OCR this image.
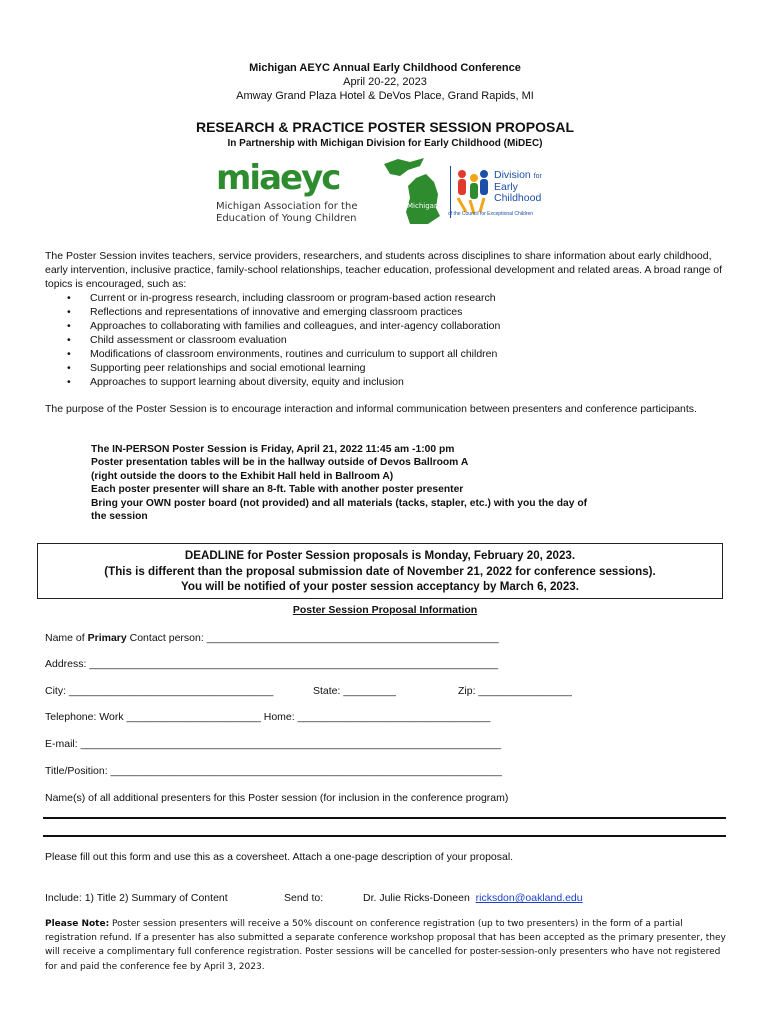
Michigan AEYC Annual Early Childhood Conference
April 20-22, 2023
Amway Grand Plaza Hotel & DeVos Place, Grand Rapids, MI
RESEARCH & PRACTICE POSTER SESSION PROPOSAL
In Partnership with Michigan Division for Early Childhood (MiDEC)
miaeyc
Michigan Association for the
Education of Young Children
Michigan
Division for
Early
Childhood
of the Council for Exceptional Children
The Poster Session invites teachers, service providers, researchers, and students across disciplines to share information about early childhood, early intervention, inclusive practice, family-school relationships, teacher education, professional development and related areas. A broad range of topics is encouraged, such as:
• Current or in-progress research, including classroom or program-based action research
• Reflections and representations of innovative and emerging classroom practices
• Approaches to collaborating with families and colleagues, and inter-agency collaboration
• Child assessment or classroom evaluation
• Modifications of classroom environments, routines and curriculum to support all children
• Supporting peer relationships and social emotional learning
• Approaches to support learning about diversity, equity and inclusion
The purpose of the Poster Session is to encourage interaction and informal communication between presenters and conference participants.
The IN-PERSON Poster Session is Friday, April 21, 2022 11:45 am -1:00 pm
Poster presentation tables will be in the hallway outside of Devos Ballroom A
(right outside the doors to the Exhibit Hall held in Ballroom A)
Each poster presenter will share an 8-ft. Table with another poster presenter
Bring your OWN poster board (not provided) and all materials (tacks, stapler, etc.) with you the day of
the session
DEADLINE for Poster Session proposals is Monday, February 20, 2023.
(This is different than the proposal submission date of November 21, 2022 for conference sessions).
You will be notified of your poster session acceptancy by March 6, 2023.
Poster Session Proposal Information
Name of Primary Contact person: __________________________________________________
Address: ______________________________________________________________________
City: ___________________________________	State: _________	Zip: ________________
Telephone: Work _______________________ Home: _________________________________
E-mail: ________________________________________________________________________
Title/Position: ___________________________________________________________________
Name(s) of all additional presenters for this Poster session (for inclusion in the conference program)
Please fill out this form and use this as a coversheet. Attach a one-page description of your proposal.
Include: 1) Title 2) Summary of Content	Send to:	Dr. Julie Ricks-Doneen ricksdon@oakland.edu
Please Note: Poster session presenters will receive a 50% discount on conference registration (up to two presenters) in the form of a partial registration refund. If a presenter has also submitted a separate conference workshop proposal that has been accepted as the primary presenter, they will receive a complimentary full conference registration. Poster sessions will be cancelled for poster-session-only presenters who have not registered for and paid the conference fee by April 3, 2023.
